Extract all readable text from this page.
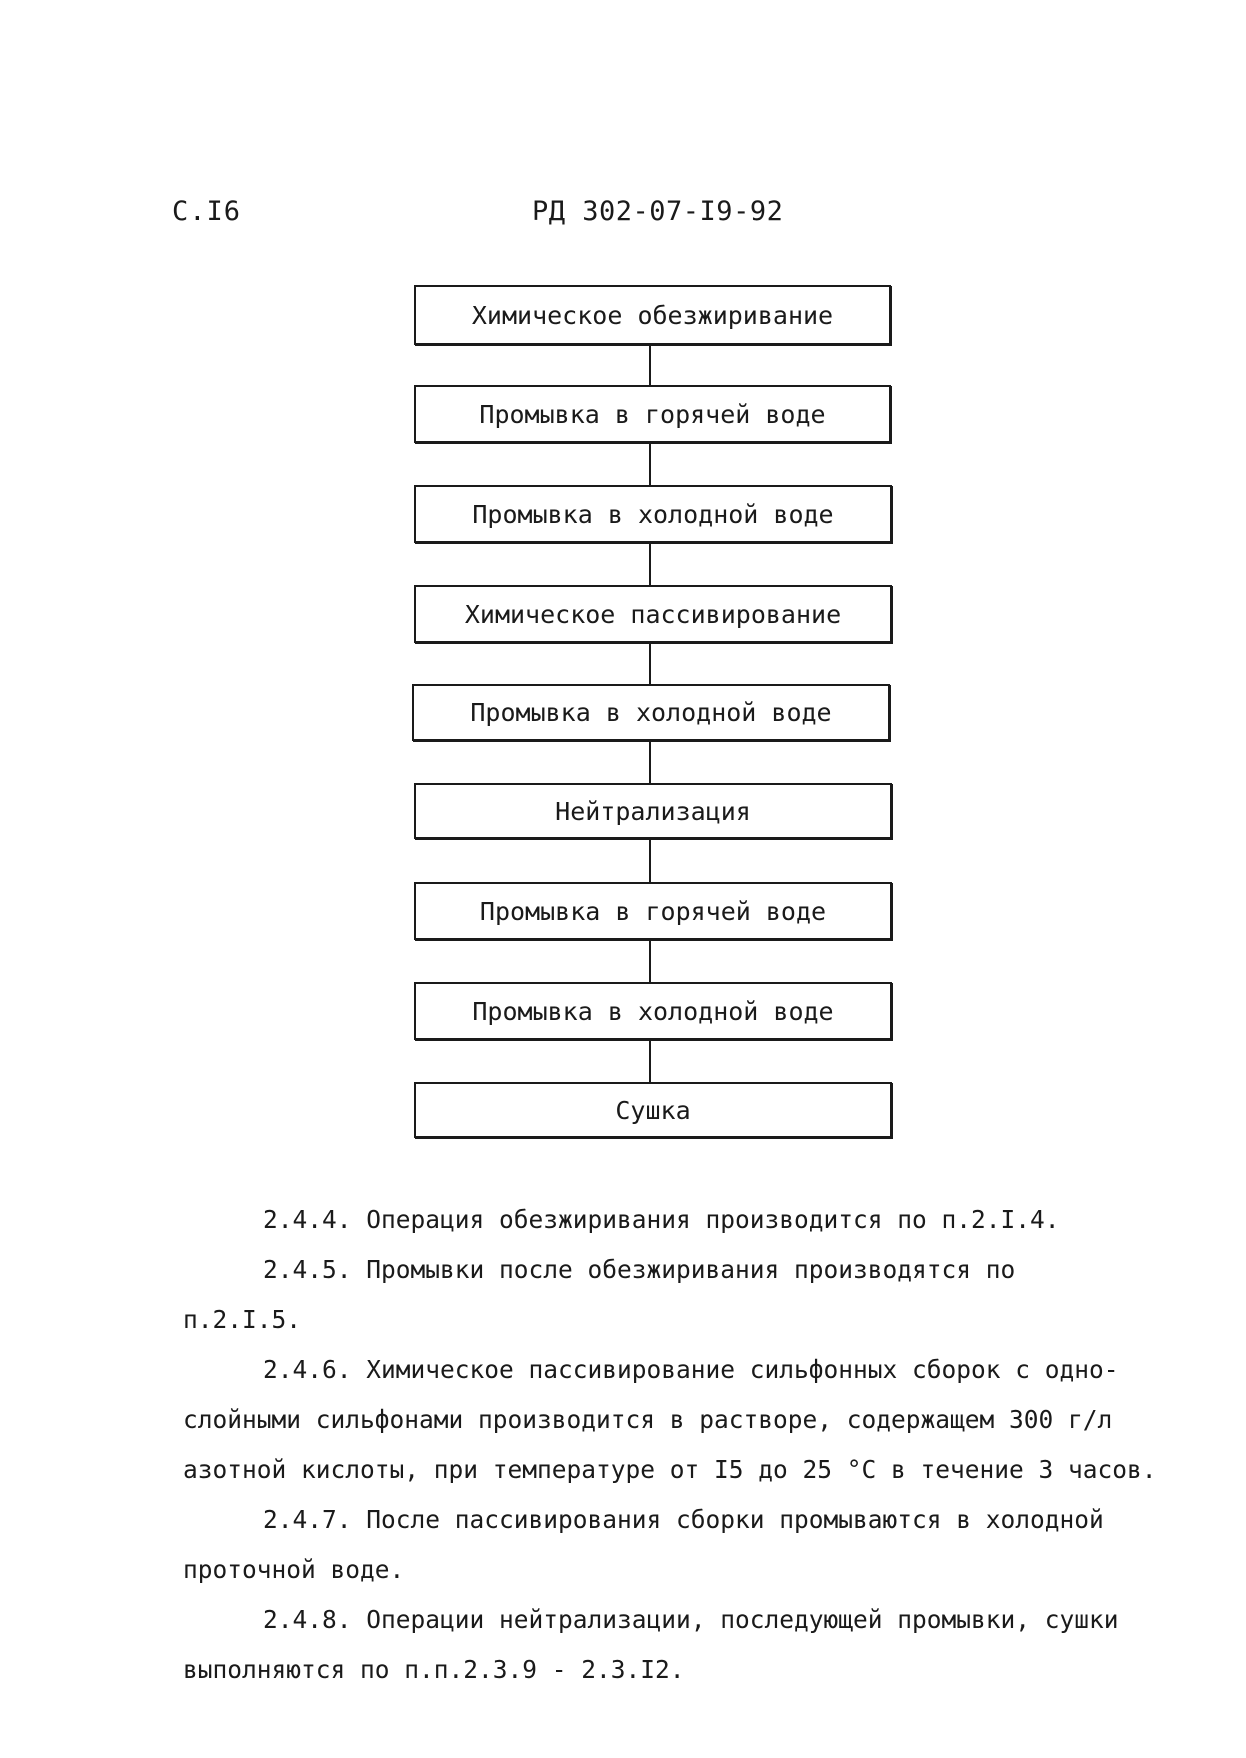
С.I6	РД 302-07-I9-92
Химическое обезжиривание
Промывка в горячей воде
Промывка в холодной воде
Химическое пассивирование
Промывка в холодной воде
Нейтрализация
Промывка в горячей воде
Промывка в холодной воде
Сушка

2.4.4. Операция обезжиривания производится по п.2.I.4.

2.4.5. Промывки после обезжиривания производятся по
п.2.I.5.

2.4.6. Химическое пассивирование сильфонных сборок с одно-
слойными сильфонами производится в растворе, содержащем 300 г/л
азотной кислоты, при температуре от I5 до 25 °С в течение 3 часов.

2.4.7. После пассивирования сборки промываются в холодной
проточной воде.

2.4.8. Операции нейтрализации, последующей промывки, сушки
выполняются по п.п.2.3.9 - 2.3.I2.
